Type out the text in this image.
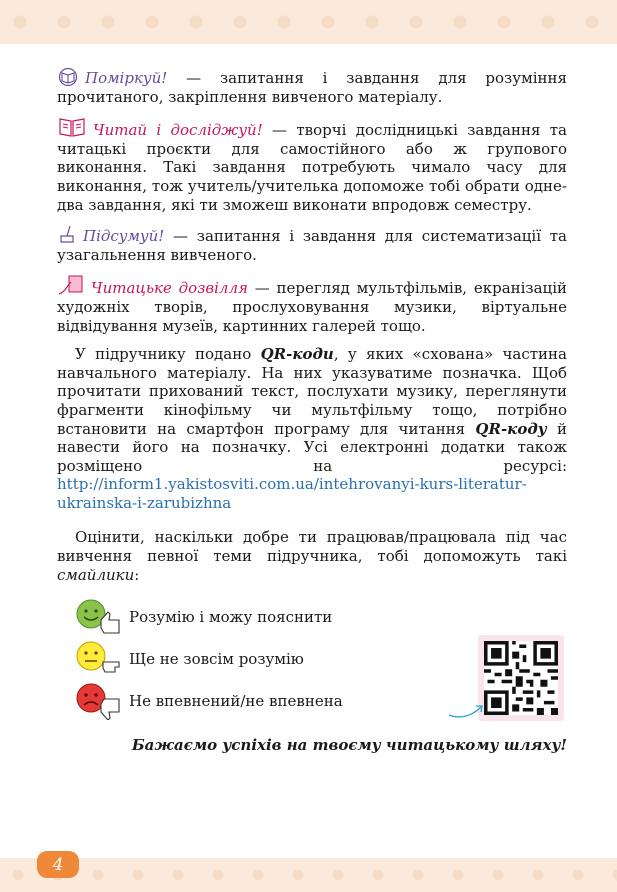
Поміркуй! — запитання і завдання для розуміння прочитаного, закріплення вивченого матеріалу.

Читай і досліджуй! — творчі дослідницькі завдання та читацькі проєкти для самостійного або ж групового виконання. Такі завдання потребують чимало часу для виконання, тож учитель/учителька допоможе тобі обрати одне-два завдання, які ти зможеш виконати впродовж семестру.

Підсумуй! — запитання і завдання для систематизації та узагальнення вивченого.

Читацьке дозвілля — перегляд мультфільмів, екранізацій художніх творів, прослуховування музики, віртуальне відвідування музеїв, картинних галерей тощо.

У підручнику подано QR-коди, у яких «схована» частина навчального матеріалу. На них указуватиме позначка. Щоб прочитати прихований текст, послухати музику, переглянути фрагменти кінофільму чи мультфільму тощо, потрібно встановити на смартфон програму для читання QR-коду й навести його на позначку. Усі електронні додатки також розміщено на ресурсі: http://inform1.yakistosviti.com.ua/intehrovanyi-kurs-literatur-ukrainska-i-zarubizhna

Оцінити, наскільки добре ти працював/працювала під час вивчення певної теми підручника, тобі допоможуть такі смайлики:

Розумію і можу пояснити
Ще не зовсім розумію
Не впевнений/не впевнена

Бажаємо успіхів на твоєму читацькому шляху!

4
